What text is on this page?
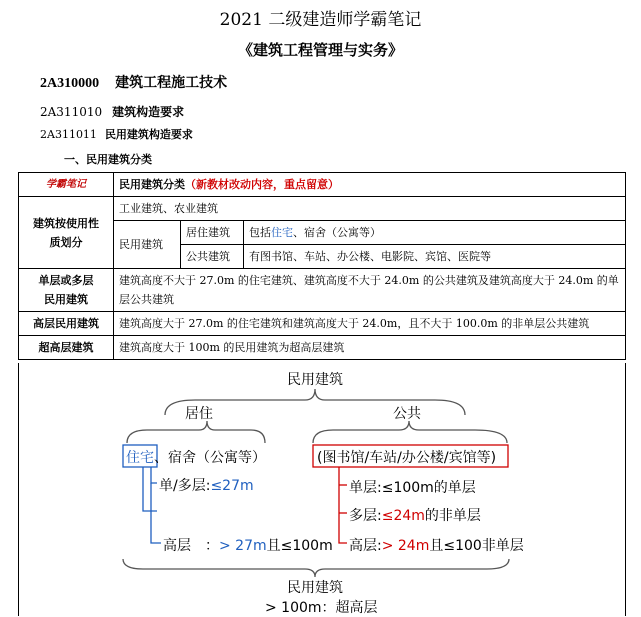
2021 二级建造师学霸笔记
《建筑工程管理与实务》
2A310000 建筑工程施工技术
2A311010 建筑构造要求
2A311011 民用建筑构造要求
一、民用建筑分类
学霸笔记	民用建筑分类（新教材改动内容，重点留意）		

建筑按使用性
质划分	工业建筑、农业建筑		
	民用建筑	居住建筑	包括住宅、宿舍（公寓等）
		公共建筑	有图书馆、车站、办公楼、电影院、宾馆、医院等

单层或多层
民用建筑	建筑高度不大于 27.0m 的住宅建筑、建筑高度不大于 24.0m 的公共建筑及建筑高度大于 24.0m 的单层公共建筑		
高层民用建筑	建筑高度大于 27.0m 的住宅建筑和建筑高度大于 24.0m，且不大于 100.0m 的非单层公共建筑		
超高层建筑	建筑高度大于 100m 的民用建筑为超高层建筑		
民用建筑
居住	公共
住宅、宿舍（公寓等）	(图书馆/车站/办公楼/宾馆等)
单/多层:≤27m
高层 ：> 27m且≤100m
单层:≤100m的单层
多层:≤24m的非单层
高层:> 24m且≤100非单层
民用建筑
> 100m：超高层
